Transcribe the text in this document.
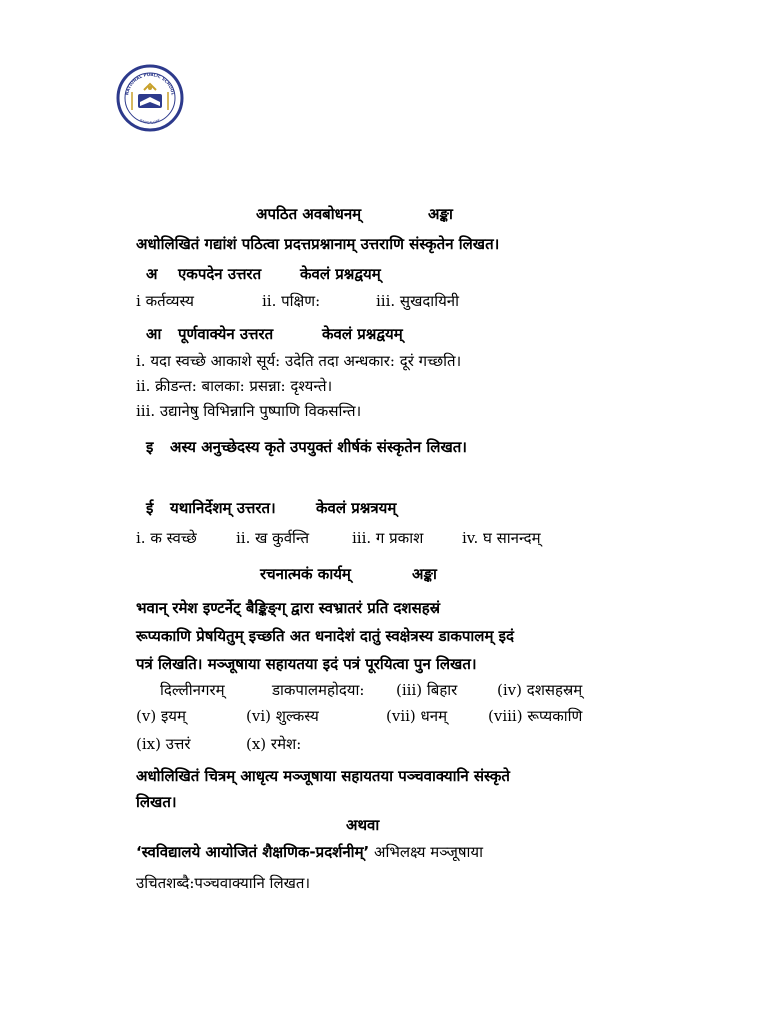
NATIONAL PUBLIC SCHOOL
BANGALORE
अपठित अवबोधनम्	अङ्का
अधोलिखितं गद्यांशं पठित्वा प्रदत्तप्रश्नानाम् उत्तराणि संस्कृतेन लिखत।
अ एकपदेन उत्तरत	केवलं प्रश्नद्वयम्
i कर्तव्यस्य	ii. पक्षिण:	iii. सुखदायिनी
आ पूर्णवाक्येन उत्तरत	केवलं प्रश्नद्वयम्
i. यदा स्वच्छे आकाशे सूर्य: उदेति तदा अन्धकार: दूरं गच्छति।
ii. क्रीडन्त: बालका: प्रसन्ना: दृश्यन्ते।
iii. उद्यानेषु विभिन्नानि पुष्पाणि विकसन्ति।
इ अस्य अनुच्छेदस्य कृते उपयुक्तं शीर्षकं संस्कृतेन लिखत।
ई यथानिर्देशम् उत्तरत।	केवलं प्रश्नत्रयम्
i. क स्वच्छे	ii. ख कुर्वन्ति	iii. ग प्रकाश	iv. घ सानन्दम्
रचनात्मकं कार्यम्	अङ्का
भवान् रमेश इण्टर्नेट् बैङ्किङ्ग् द्वारा स्वभ्रातरं प्रति दशसहस्रं
रूप्यकाणि प्रेषयितुम् इच्छति अत धनादेशं दातुं स्वक्षेत्रस्य डाकपालम् इदं
पत्रं लिखति। मञ्जूषाया सहायतया इदं पत्रं पूरयित्वा पुन लिखत।
दिल्लीनगरम्	डाकपालमहोदया: (iii) बिहार	(iv) दशसहस्रम्
(v) इयम्	(vi) शुल्कस्य	(vii) धनम्	(viii) रूप्यकाणि
(ix) उत्तरं	(x) रमेश:
अधोलिखितं चित्रम् आधृत्य मञ्जूषाया सहायतया पञ्चवाक्यानि संस्कृते
लिखत।
अथवा
‘स्वविद्यालये आयोजितं शैक्षणिक-प्रदर्शनीम्’ अभिलक्ष्य मञ्जूषाया
उचितशब्दै:पञ्चवाक्यानि लिखत।
